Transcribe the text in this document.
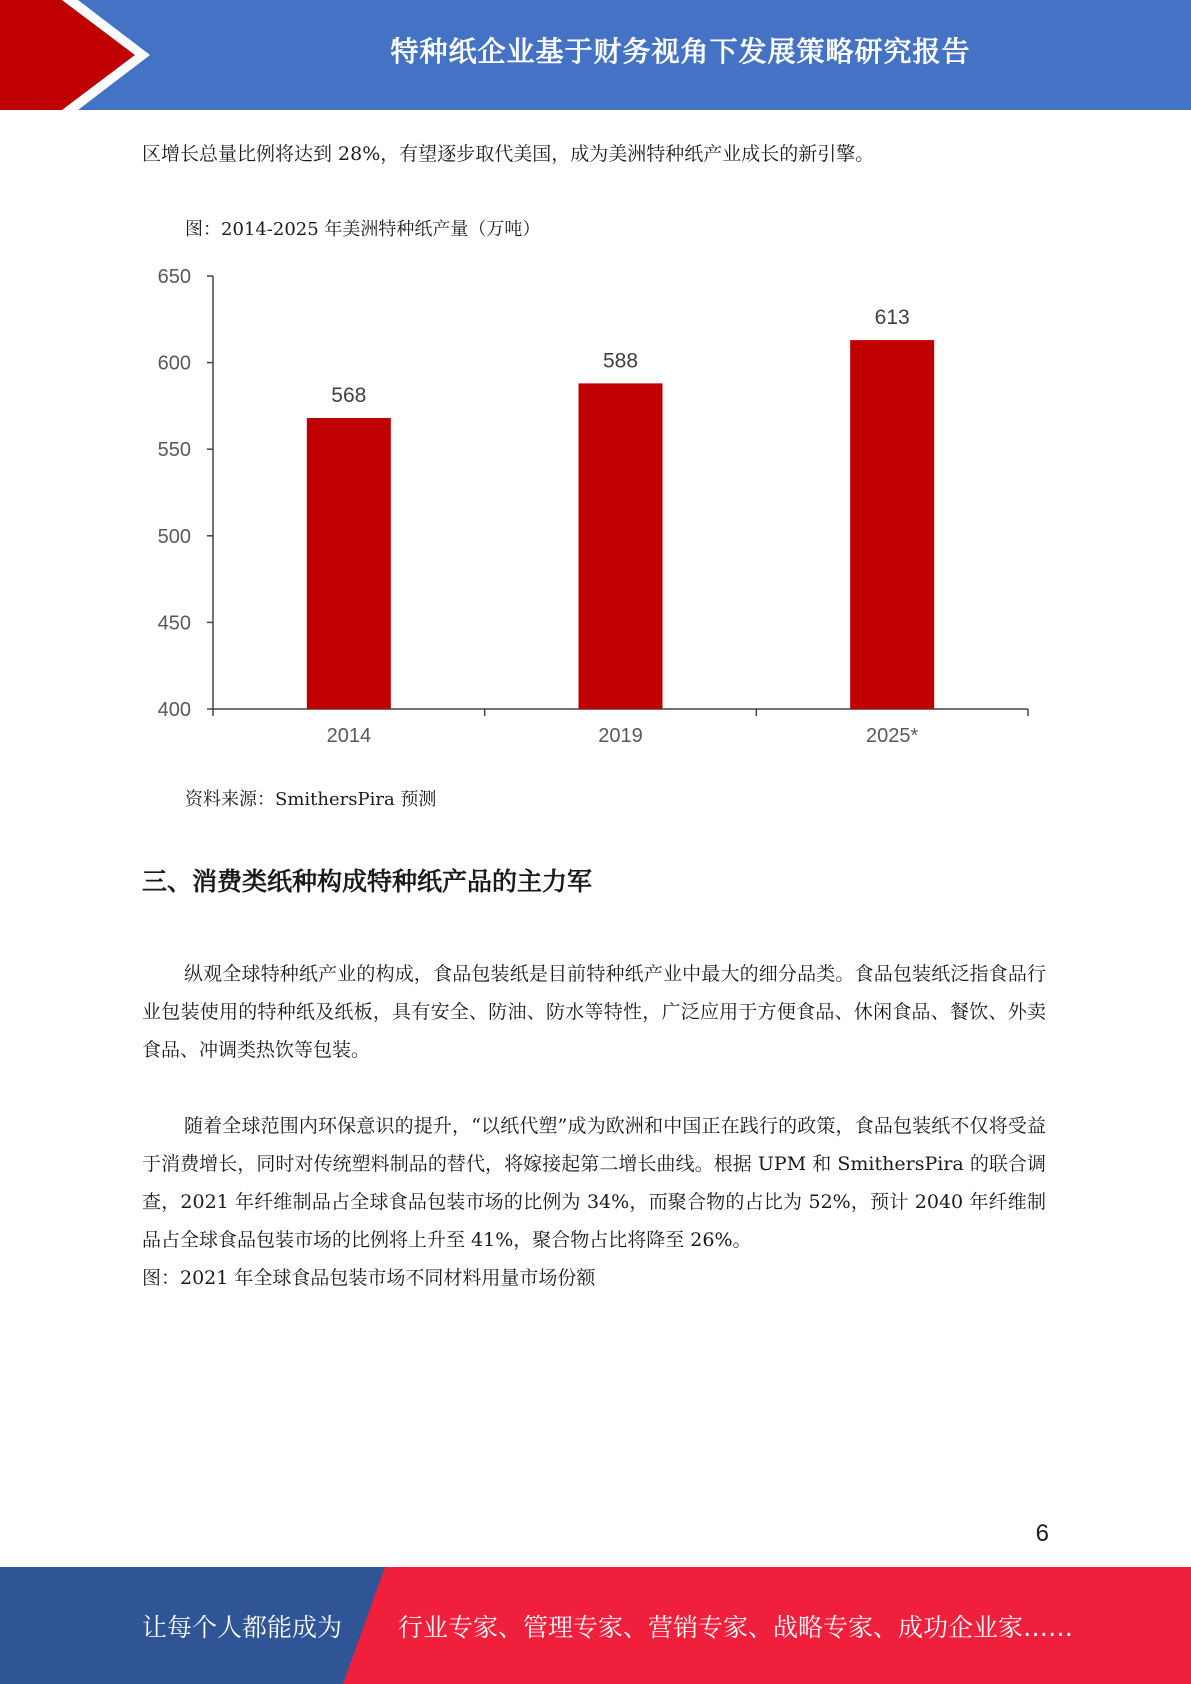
特种纸企业基于财务视角下发展策略研究报告

区增长总量比例将达到 28%，有望逐步取代美国，成为美洲特种纸产业成长的新引擎。

图：2014-2025 年美洲特种纸产量（万吨）

400
450
500
550
600
650
2014	2019	2025*
568
588
613

资料来源：SmithersPira 预测

三、消费类纸种构成特种纸产品的主力军

纵观全球特种纸产业的构成，食品包装纸是目前特种纸产业中最大的细分品类。食品包装纸泛指食品行业包装使用的特种纸及纸板，具有安全、防油、防水等特性，广泛应用于方便食品、休闲食品、餐饮、外卖食品、冲调类热饮等包装。

随着全球范围内环保意识的提升，“以纸代塑”成为欧洲和中国正在践行的政策，食品包装纸不仅将受益于消费增长，同时对传统塑料制品的替代，将嫁接起第二增长曲线。根据 UPM 和 SmithersPira 的联合调查，2021 年纤维制品占全球食品包装市场的比例为 34%，而聚合物的占比为 52%，预计 2040 年纤维制品占全球食品包装市场的比例将上升至 41%，聚合物占比将降至 26%。

图：2021 年全球食品包装市场不同材料用量市场份额

6
让每个人都能成为 行业专家、管理专家、营销专家、战略专家、成功企业家……
